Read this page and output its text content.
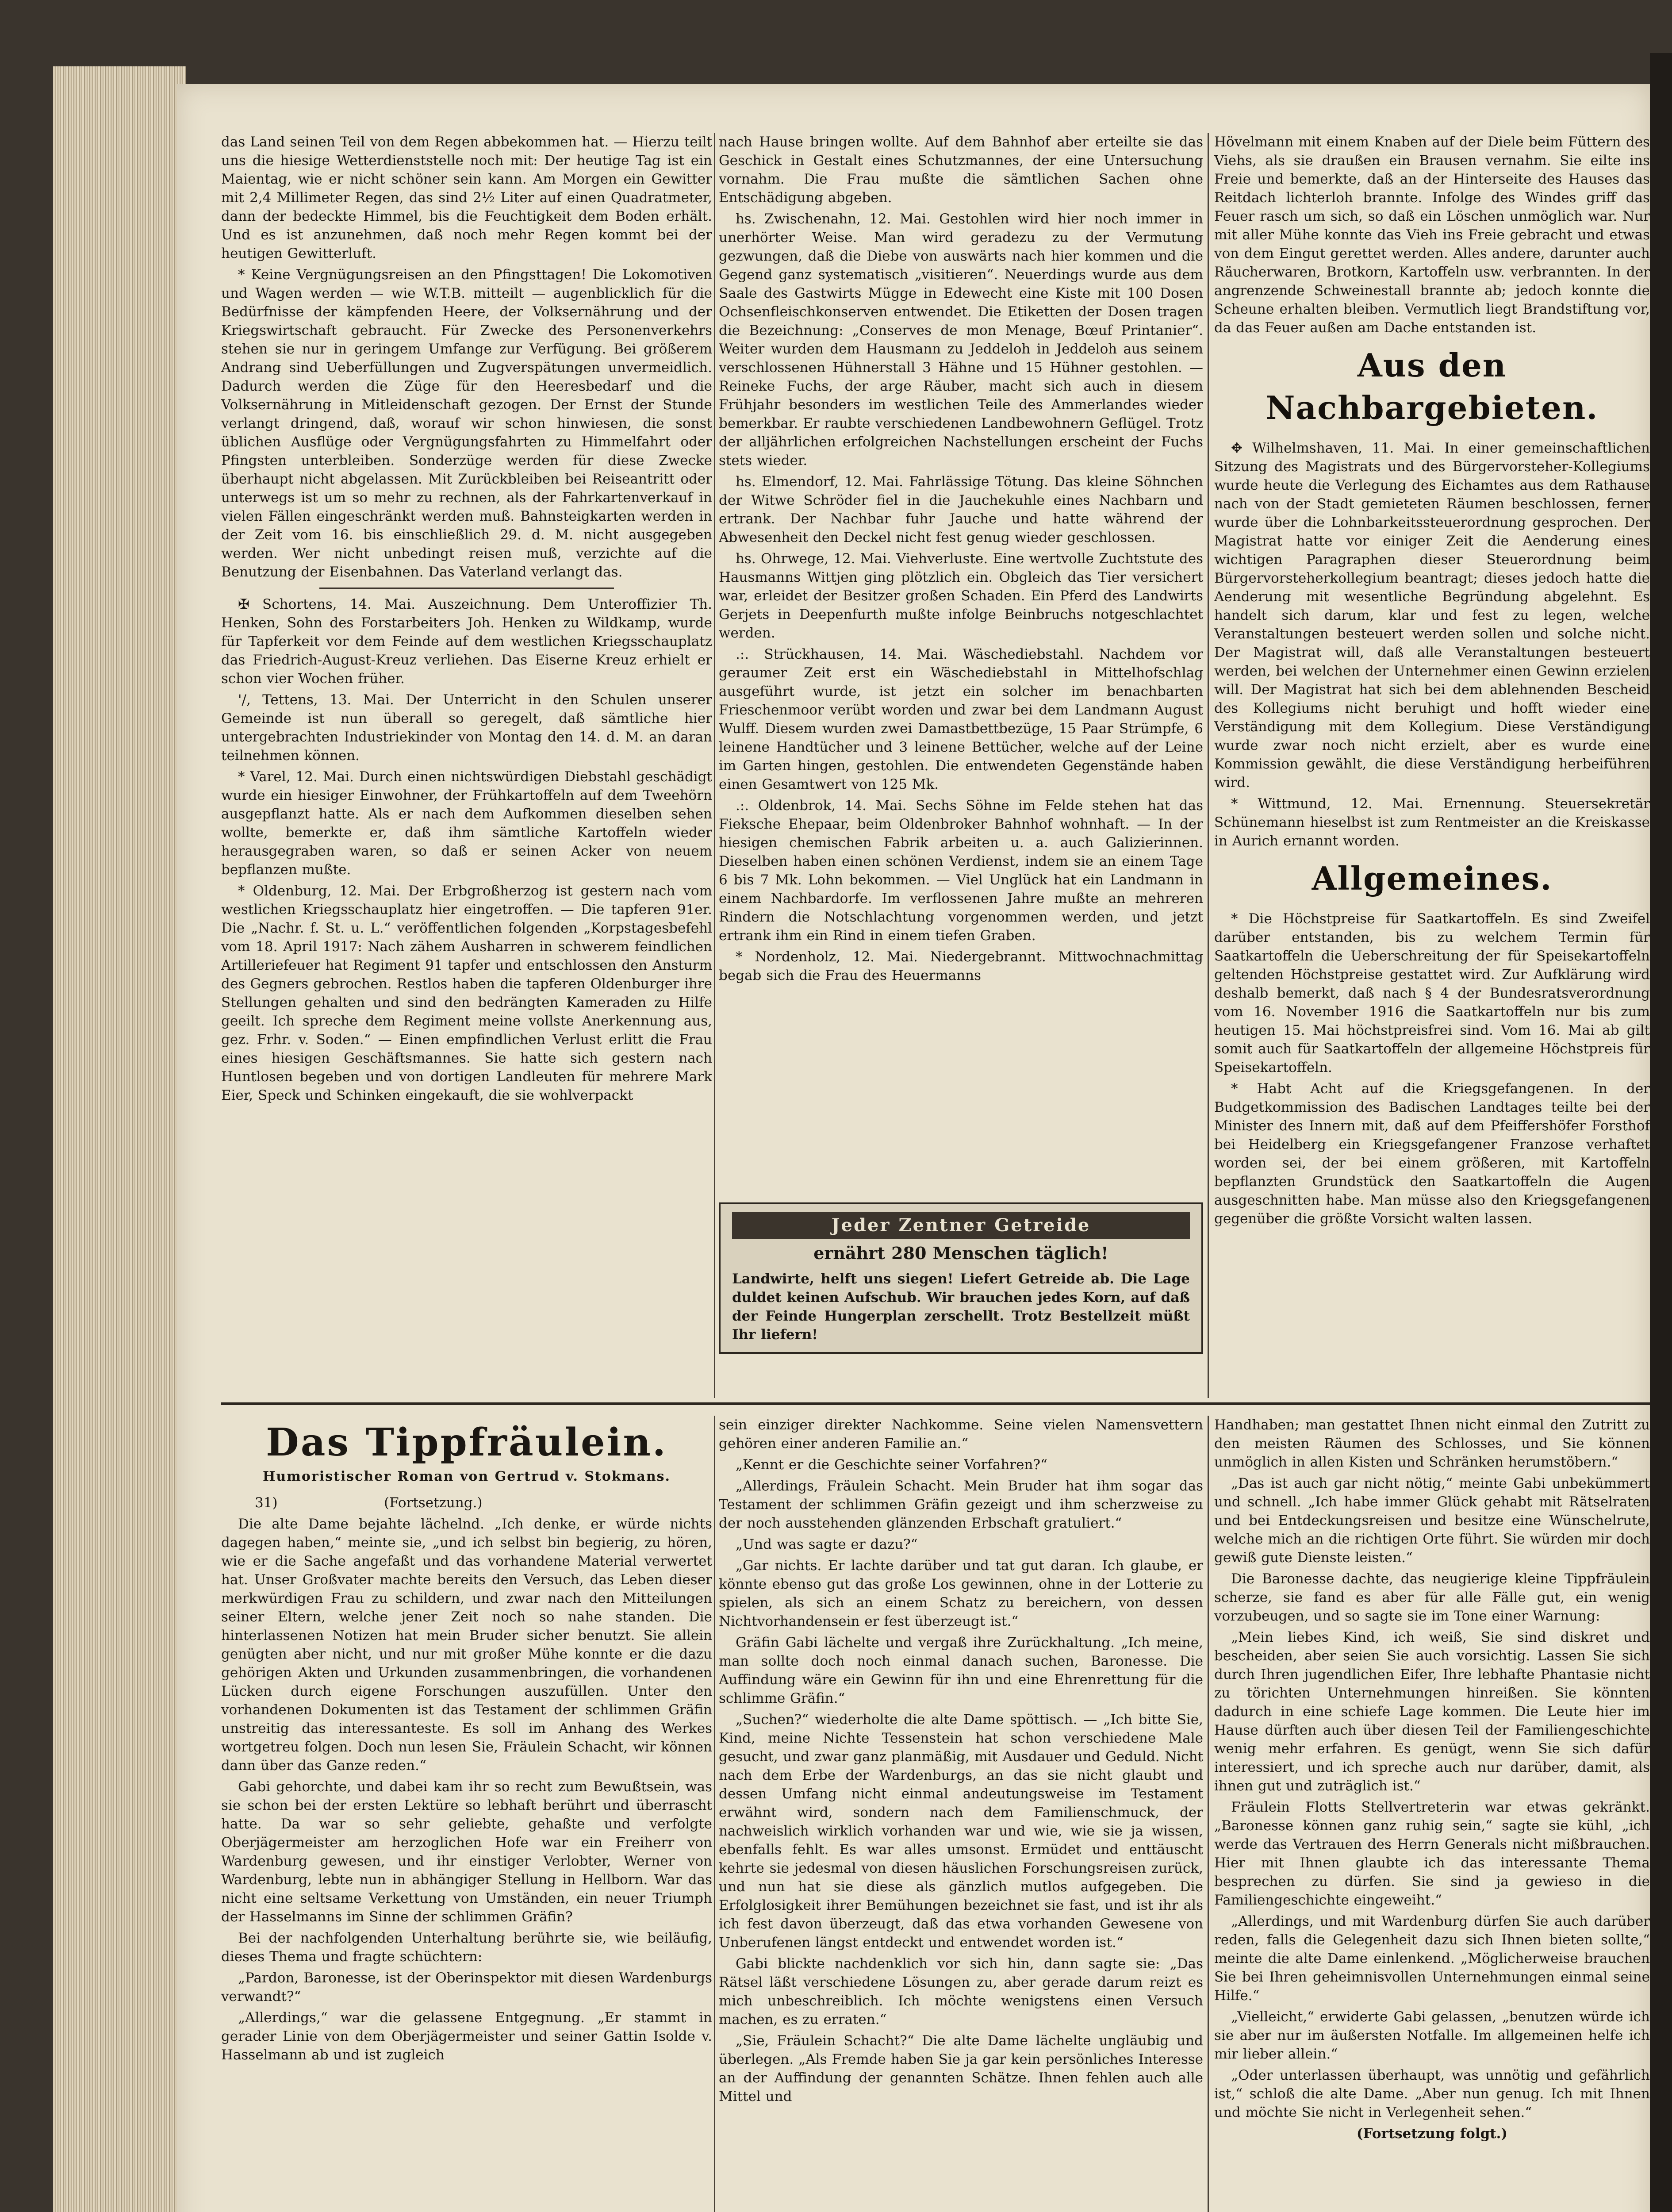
das Land seinen Teil von dem Regen abbekommen hat. — Hierzu teilt uns die hiesige Wetterdienststelle noch mit: Der heutige Tag ist ein Maientag, wie er nicht schöner sein kann. Am Morgen ein Gewitter mit 2,4 Millimeter Regen, das sind 2½ Liter auf einen Quadratmeter, dann der bedeckte Himmel, bis die Feuchtigkeit dem Boden erhält. Und es ist anzunehmen, daß noch mehr Regen kommt bei der heutigen Gewitterluft.

* Keine Vergnügungsreisen an den Pfingsttagen! Die Lokomotiven und Wagen werden — wie W.T.B. mitteilt — augenblicklich für die Bedürfnisse der kämpfenden Heere, der Volksernährung und der Kriegswirtschaft gebraucht. Für Zwecke des Personenverkehrs stehen sie nur in geringem Umfange zur Verfügung. Bei größerem Andrang sind Ueberfüllungen und Zugverspätungen unvermeidlich. Dadurch werden die Züge für den Heeresbedarf und die Volksernährung in Mitleidenschaft gezogen. Der Ernst der Stunde verlangt dringend, daß, worauf wir schon hinwiesen, die sonst üblichen Ausflüge oder Vergnügungsfahrten zu Himmelfahrt oder Pfingsten unterbleiben. Sonderzüge werden für diese Zwecke überhaupt nicht abgelassen. Mit Zurückbleiben bei Reiseantritt oder unterwegs ist um so mehr zu rechnen, als der Fahrkartenverkauf in vielen Fällen eingeschränkt werden muß. Bahnsteigkarten werden in der Zeit vom 16. bis einschließlich 29. d. M. nicht ausgegeben werden. Wer nicht unbedingt reisen muß, verzichte auf die Benutzung der Eisenbahnen. Das Vaterland verlangt das.

✠ Schortens, 14. Mai. Auszeichnung. Dem Unteroffizier Th. Henken, Sohn des Forstarbeiters Joh. Henken zu Wildkamp, wurde für Tapferkeit vor dem Feinde auf dem westlichen Kriegsschauplatz das Friedrich-August-Kreuz verliehen. Das Eiserne Kreuz erhielt er schon vier Wochen früher.

'/, Tettens, 13. Mai. Der Unterricht in den Schulen unserer Gemeinde ist nun überall so geregelt, daß sämtliche hier untergebrachten Industriekinder von Montag den 14. d. M. an daran teilnehmen können.

* Varel, 12. Mai. Durch einen nichtswürdigen Diebstahl geschädigt wurde ein hiesiger Einwohner, der Frühkartoffeln auf dem Tweehörn ausgepflanzt hatte. Als er nach dem Aufkommen dieselben sehen wollte, bemerkte er, daß ihm sämtliche Kartoffeln wieder herausgegraben waren, so daß er seinen Acker von neuem bepflanzen mußte.

* Oldenburg, 12. Mai. Der Erbgroßherzog ist gestern nach vom westlichen Kriegsschauplatz hier eingetroffen. — Die tapferen 91er. Die „Nachr. f. St. u. L.“ veröffentlichen folgenden „Korpstagesbefehl vom 18. April 1917: Nach zähem Ausharren in schwerem feindlichen Artilleriefeuer hat Regiment 91 tapfer und entschlossen den Ansturm des Gegners gebrochen. Restlos haben die tapferen Oldenburger ihre Stellungen gehalten und sind den bedrängten Kameraden zu Hilfe geeilt. Ich spreche dem Regiment meine vollste Anerkennung aus, gez. Frhr. v. Soden.“ — Einen empfindlichen Verlust erlitt die Frau eines hiesigen Geschäftsmannes. Sie hatte sich gestern nach Huntlosen begeben und von dortigen Landleuten für mehrere Mark Eier, Speck und Schinken eingekauft, die sie wohlverpackt

nach Hause bringen wollte. Auf dem Bahnhof aber erteilte sie das Geschick in Gestalt eines Schutzmannes, der eine Untersuchung vornahm. Die Frau mußte die sämtlichen Sachen ohne Entschädigung abgeben.

hs. Zwischenahn, 12. Mai. Gestohlen wird hier noch immer in unerhörter Weise. Man wird geradezu zu der Vermutung gezwungen, daß die Diebe von auswärts nach hier kommen und die Gegend ganz systematisch „visitieren“. Neuerdings wurde aus dem Saale des Gastwirts Mügge in Edewecht eine Kiste mit 100 Dosen Ochsenfleischkonserven entwendet. Die Etiketten der Dosen tragen die Bezeichnung: „Conserves de mon Menage, Bœuf Printanier“. Weiter wurden dem Hausmann zu Jeddeloh in Jeddeloh aus seinem verschlossenen Hühnerstall 3 Hähne und 15 Hühner gestohlen. — Reineke Fuchs, der arge Räuber, macht sich auch in diesem Frühjahr besonders im westlichen Teile des Ammerlandes wieder bemerkbar. Er raubte verschiedenen Landbewohnern Geflügel. Trotz der alljährlichen erfolgreichen Nachstellungen erscheint der Fuchs stets wieder.

hs. Elmendorf, 12. Mai. Fahrlässige Tötung. Das kleine Söhnchen der Witwe Schröder fiel in die Jauchekuhle eines Nachbarn und ertrank. Der Nachbar fuhr Jauche und hatte während der Abwesenheit den Deckel nicht fest genug wieder geschlossen.

hs. Ohrwege, 12. Mai. Viehverluste. Eine wertvolle Zuchtstute des Hausmanns Wittjen ging plötzlich ein. Obgleich das Tier versichert war, erleidet der Besitzer großen Schaden. Ein Pferd des Landwirts Gerjets in Deepenfurth mußte infolge Beinbruchs notgeschlachtet werden.

.:. Strückhausen, 14. Mai. Wäschediebstahl. Nachdem vor geraumer Zeit erst ein Wäschediebstahl in Mittelhofschlag ausgeführt wurde, ist jetzt ein solcher im benachbarten Frieschenmoor verübt worden und zwar bei dem Landmann August Wulff. Diesem wurden zwei Damastbettbezüge, 15 Paar Strümpfe, 6 leinene Handtücher und 3 leinene Bettücher, welche auf der Leine im Garten hingen, gestohlen. Die entwendeten Gegenstände haben einen Gesamtwert von 125 Mk.

.:. Oldenbrok, 14. Mai. Sechs Söhne im Felde stehen hat das Fieksche Ehepaar, beim Oldenbroker Bahnhof wohnhaft. — In der hiesigen chemischen Fabrik arbeiten u. a. auch Galizierinnen. Dieselben haben einen schönen Verdienst, indem sie an einem Tage 6 bis 7 Mk. Lohn bekommen. — Viel Unglück hat ein Landmann in einem Nachbardorfe. Im verflossenen Jahre mußte an mehreren Rindern die Notschlachtung vorgenommen werden, und jetzt ertrank ihm ein Rind in einem tiefen Graben.

* Nordenholz, 12. Mai. Niedergebrannt. Mittwochnachmittag begab sich die Frau des Heuermanns

Jeder Zentner Getreide
ernährt 280 Menschen täglich!
Landwirte, helft uns siegen! Liefert Getreide ab. Die Lage duldet keinen Aufschub. Wir brauchen jedes Korn, auf daß der Feinde Hungerplan zerschellt. Trotz Bestellzeit müßt Ihr liefern!

Hövelmann mit einem Knaben auf der Diele beim Füttern des Viehs, als sie draußen ein Brausen vernahm. Sie eilte ins Freie und bemerkte, daß an der Hinterseite des Hauses das Reitdach lichterloh brannte. Infolge des Windes griff das Feuer rasch um sich, so daß ein Löschen unmöglich war. Nur mit aller Mühe konnte das Vieh ins Freie gebracht und etwas von dem Eingut gerettet werden. Alles andere, darunter auch Räucherwaren, Brotkorn, Kartoffeln usw. verbrannten. In der angrenzende Schweinestall brannte ab; jedoch konnte die Scheune erhalten bleiben. Vermutlich liegt Brandstiftung vor, da das Feuer außen am Dache entstanden ist.

Aus den Nachbargebieten.

✥ Wilhelmshaven, 11. Mai. In einer gemeinschaftlichen Sitzung des Magistrats und des Bürgervorsteher-Kollegiums wurde heute die Verlegung des Eichamtes aus dem Rathause nach von der Stadt gemieteten Räumen beschlossen, ferner wurde über die Lohnbarkeitssteuerordnung gesprochen. Der Magistrat hatte vor einiger Zeit die Aenderung eines wichtigen Paragraphen dieser Steuerordnung beim Bürgervorsteherkollegium beantragt; dieses jedoch hatte die Aenderung mit wesentliche Begründung abgelehnt. Es handelt sich darum, klar und fest zu legen, welche Veranstaltungen besteuert werden sollen und solche nicht. Der Magistrat will, daß alle Veranstaltungen besteuert werden, bei welchen der Unternehmer einen Gewinn erzielen will. Der Magistrat hat sich bei dem ablehnenden Bescheid des Kollegiums nicht beruhigt und hofft wieder eine Verständigung mit dem Kollegium. Diese Verständigung wurde zwar noch nicht erzielt, aber es wurde eine Kommission gewählt, die diese Verständigung herbeiführen wird.

* Wittmund, 12. Mai. Ernennung. Steuersekretär Schünemann hieselbst ist zum Rentmeister an die Kreiskasse in Aurich ernannt worden.

Allgemeines.

* Die Höchstpreise für Saatkartoffeln. Es sind Zweifel darüber entstanden, bis zu welchem Termin für Saatkartoffeln die Ueberschreitung der für Speisekartoffeln geltenden Höchstpreise gestattet wird. Zur Aufklärung wird deshalb bemerkt, daß nach § 4 der Bundesratsverordnung vom 16. November 1916 die Saatkartoffeln nur bis zum heutigen 15. Mai höchstpreisfrei sind. Vom 16. Mai ab gilt somit auch für Saatkartoffeln der allgemeine Höchstpreis für Speisekartoffeln.

* Habt Acht auf die Kriegsgefangenen. In der Budgetkommission des Badischen Landtages teilte bei der Minister des Innern mit, daß auf dem Pfeiffershöfer Forsthof bei Heidelberg ein Kriegsgefangener Franzose verhaftet worden sei, der bei einem größeren, mit Kartoffeln bepflanzten Grundstück den Saatkartoffeln die Augen ausgeschnitten habe. Man müsse also den Kriegsgefangenen gegenüber die größte Vorsicht walten lassen.

Das Tippfräulein.
Humoristischer Roman von Gertrud v. Stokmans.

31)	(Fortsetzung.)

Die alte Dame bejahte lächelnd. „Ich denke, er würde nichts dagegen haben,“ meinte sie, „und ich selbst bin begierig, zu hören, wie er die Sache angefaßt und das vorhandene Material verwertet hat. Unser Großvater machte bereits den Versuch, das Leben dieser merkwürdigen Frau zu schildern, und zwar nach den Mitteilungen seiner Eltern, welche jener Zeit noch so nahe standen. Die hinterlassenen Notizen hat mein Bruder sicher benutzt. Sie allein genügten aber nicht, und nur mit großer Mühe konnte er die dazu gehörigen Akten und Urkunden zusammenbringen, die vorhandenen Lücken durch eigene Forschungen auszufüllen. Unter den vorhandenen Dokumenten ist das Testament der schlimmen Gräfin unstreitig das interessanteste. Es soll im Anhang des Werkes wortgetreu folgen. Doch nun lesen Sie, Fräulein Schacht, wir können dann über das Ganze reden.“

Gabi gehorchte, und dabei kam ihr so recht zum Bewußtsein, was sie schon bei der ersten Lektüre so lebhaft berührt und überrascht hatte. Da war so sehr geliebte, gehaßte und verfolgte Oberjägermeister am herzoglichen Hofe war ein Freiherr von Wardenburg gewesen, und ihr einstiger Verlobter, Werner von Wardenburg, lebte nun in abhängiger Stellung in Hellborn. War das nicht eine seltsame Verkettung von Umständen, ein neuer Triumph der Hasselmanns im Sinne der schlimmen Gräfin?

Bei der nachfolgenden Unterhaltung berührte sie, wie beiläufig, dieses Thema und fragte schüchtern:

„Pardon, Baronesse, ist der Oberinspektor mit diesen Wardenburgs verwandt?“

„Allerdings,“ war die gelassene Entgegnung. „Er stammt in gerader Linie von dem Oberjägermeister und seiner Gattin Isolde v. Hasselmann ab und ist zugleich

sein einziger direkter Nachkomme. Seine vielen Namensvettern gehören einer anderen Familie an.“

„Kennt er die Geschichte seiner Vorfahren?“

„Allerdings, Fräulein Schacht. Mein Bruder hat ihm sogar das Testament der schlimmen Gräfin gezeigt und ihm scherzweise zu der noch ausstehenden glänzenden Erbschaft gratuliert.“

„Und was sagte er dazu?“

„Gar nichts. Er lachte darüber und tat gut daran. Ich glaube, er könnte ebenso gut das große Los gewinnen, ohne in der Lotterie zu spielen, als sich an einem Schatz zu bereichern, von dessen Nichtvorhandensein er fest überzeugt ist.“

Gräfin Gabi lächelte und vergaß ihre Zurückhaltung. „Ich meine, man sollte doch noch einmal danach suchen, Baronesse. Die Auffindung wäre ein Gewinn für ihn und eine Ehrenrettung für die schlimme Gräfin.“

„Suchen?“ wiederholte die alte Dame spöttisch. — „Ich bitte Sie, Kind, meine Nichte Tessenstein hat schon verschiedene Male gesucht, und zwar ganz planmäßig, mit Ausdauer und Geduld. Nicht nach dem Erbe der Wardenburgs, an das sie nicht glaubt und dessen Umfang nicht einmal andeutungsweise im Testament erwähnt wird, sondern nach dem Familienschmuck, der nachweislich wirklich vorhanden war und wie, wie sie ja wissen, ebenfalls fehlt. Es war alles umsonst. Ermüdet und enttäuscht kehrte sie jedesmal von diesen häuslichen Forschungsreisen zurück, und nun hat sie diese als gänzlich mutlos aufgegeben. Die Erfolglosigkeit ihrer Bemühungen bezeichnet sie fast, und ist ihr als ich fest davon überzeugt, daß das etwa vorhanden Gewesene von Unberufenen längst entdeckt und entwendet worden ist.“

Gabi blickte nachdenklich vor sich hin, dann sagte sie: „Das Rätsel läßt verschiedene Lösungen zu, aber gerade darum reizt es mich unbeschreiblich. Ich möchte wenigstens einen Versuch machen, es zu erraten.“

„Sie, Fräulein Schacht?“ Die alte Dame lächelte ungläubig und überlegen. „Als Fremde haben Sie ja gar kein persönliches Interesse an der Auffindung der genannten Schätze. Ihnen fehlen auch alle Mittel und

Handhaben; man gestattet Ihnen nicht einmal den Zutritt zu den meisten Räumen des Schlosses, und Sie können unmöglich in allen Kisten und Schränken herumstöbern.“

„Das ist auch gar nicht nötig,“ meinte Gabi unbekümmert und schnell. „Ich habe immer Glück gehabt mit Rätselraten und bei Entdeckungsreisen und besitze eine Wünschelrute, welche mich an die richtigen Orte führt. Sie würden mir doch gewiß gute Dienste leisten.“

Die Baronesse dachte, das neugierige kleine Tippfräulein scherze, sie fand es aber für alle Fälle gut, ein wenig vorzubeugen, und so sagte sie im Tone einer Warnung:

„Mein liebes Kind, ich weiß, Sie sind diskret und bescheiden, aber seien Sie auch vorsichtig. Lassen Sie sich durch Ihren jugendlichen Eifer, Ihre lebhafte Phantasie nicht zu törichten Unternehmungen hinreißen. Sie könnten dadurch in eine schiefe Lage kommen. Die Leute hier im Hause dürften auch über diesen Teil der Familiengeschichte wenig mehr erfahren. Es genügt, wenn Sie sich dafür interessiert, und ich spreche auch nur darüber, damit, als ihnen gut und zuträglich ist.“

Fräulein Flotts Stellvertreterin war etwas gekränkt. „Baronesse können ganz ruhig sein,“ sagte sie kühl, „ich werde das Vertrauen des Herrn Generals nicht mißbrauchen. Hier mit Ihnen glaubte ich das interessante Thema besprechen zu dürfen. Sie sind ja gewieso in die Familiengeschichte eingeweiht.“

„Allerdings, und mit Wardenburg dürfen Sie auch darüber reden, falls die Gelegenheit dazu sich Ihnen bieten sollte,“ meinte die alte Dame einlenkend. „Möglicherweise brauchen Sie bei Ihren geheimnisvollen Unternehmungen einmal seine Hilfe.“

„Vielleicht,“ erwiderte Gabi gelassen, „benutzen würde ich sie aber nur im äußersten Notfalle. Im allgemeinen helfe ich mir lieber allein.“

„Oder unterlassen überhaupt, was unnötig und gefährlich ist,“ schloß die alte Dame. „Aber nun genug. Ich mit Ihnen und möchte Sie nicht in Verlegenheit sehen.“

(Fortsetzung folgt.)
